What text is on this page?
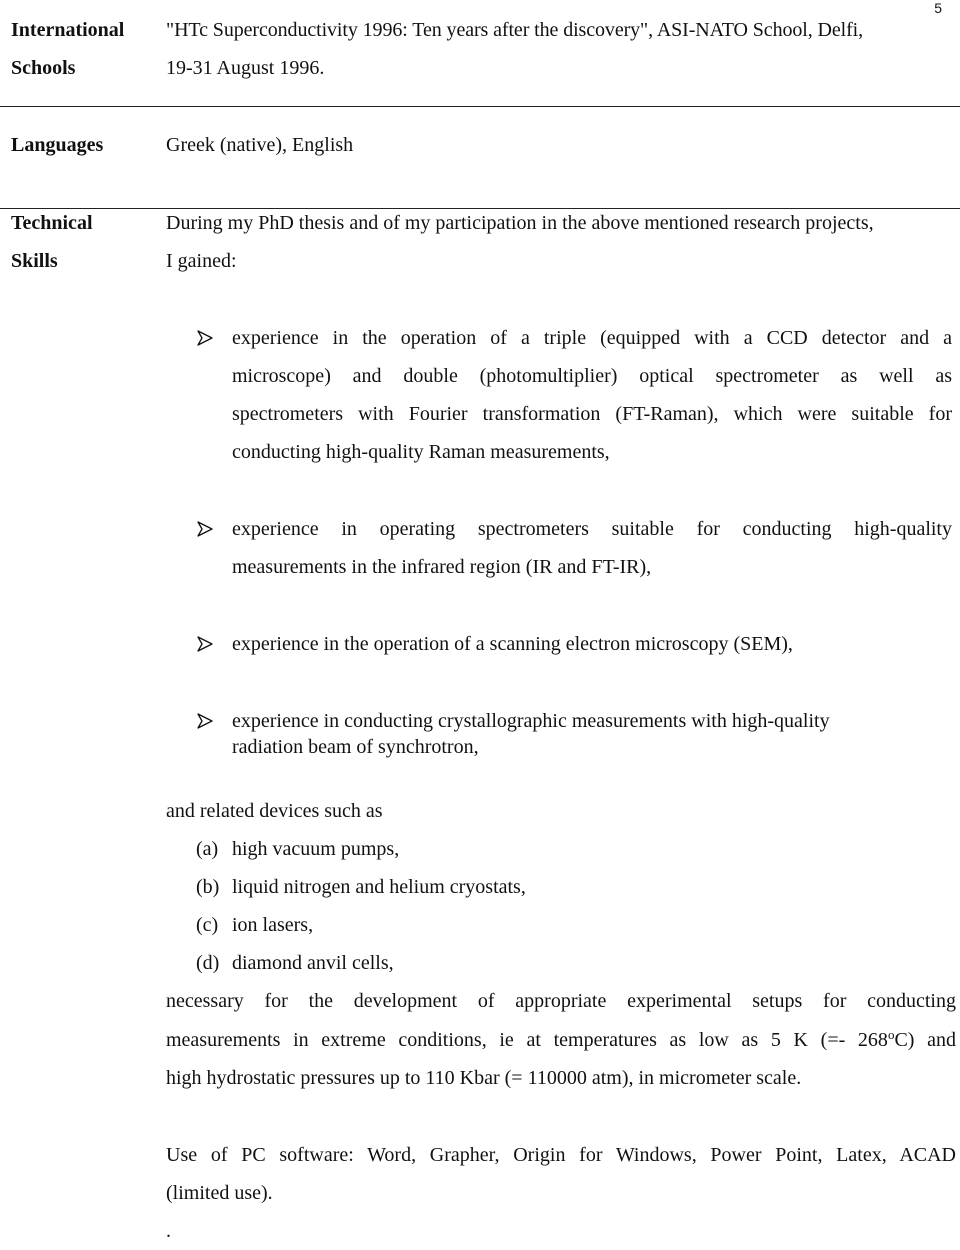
5
International
Schools
"HTc Superconductivity 1996: Ten years after the discovery", ASI-NATO School, Delfi,
19-31 August 1996.
Languages	Greek (native), English
Technical
Skills
During my PhD thesis and of my participation in the above mentioned research projects,
I gained:
experience in the operation of a triple (equipped with a CCD detector and a
microscope) and double (photomultiplier) optical spectrometer as well as
spectrometers with Fourier transformation (FT-Raman), which were suitable for
conducting high-quality Raman measurements,
experience in operating spectrometers suitable for conducting high-quality
measurements in the infrared region (IR and FT-IR),
experience in the operation of a scanning electron microscopy (SEM),
experience in conducting crystallographic measurements with high-quality
radiation beam of synchrotron,
and related devices such as
(a) high vacuum pumps,
(b) liquid nitrogen and helium cryostats,
(c) ion lasers,
(d) diamond anvil cells,
necessary for the development of appropriate experimental setups for conducting
measurements in extreme conditions, ie at temperatures as low as 5 K (=- 268$^o$C) and
high hydrostatic pressures up to 110 Kbar (= 110000 atm), in micrometer scale.
Use of PC software: Word, Grapher, Origin for Windows, Power Point, Latex, ACAD
(limited use).
.
